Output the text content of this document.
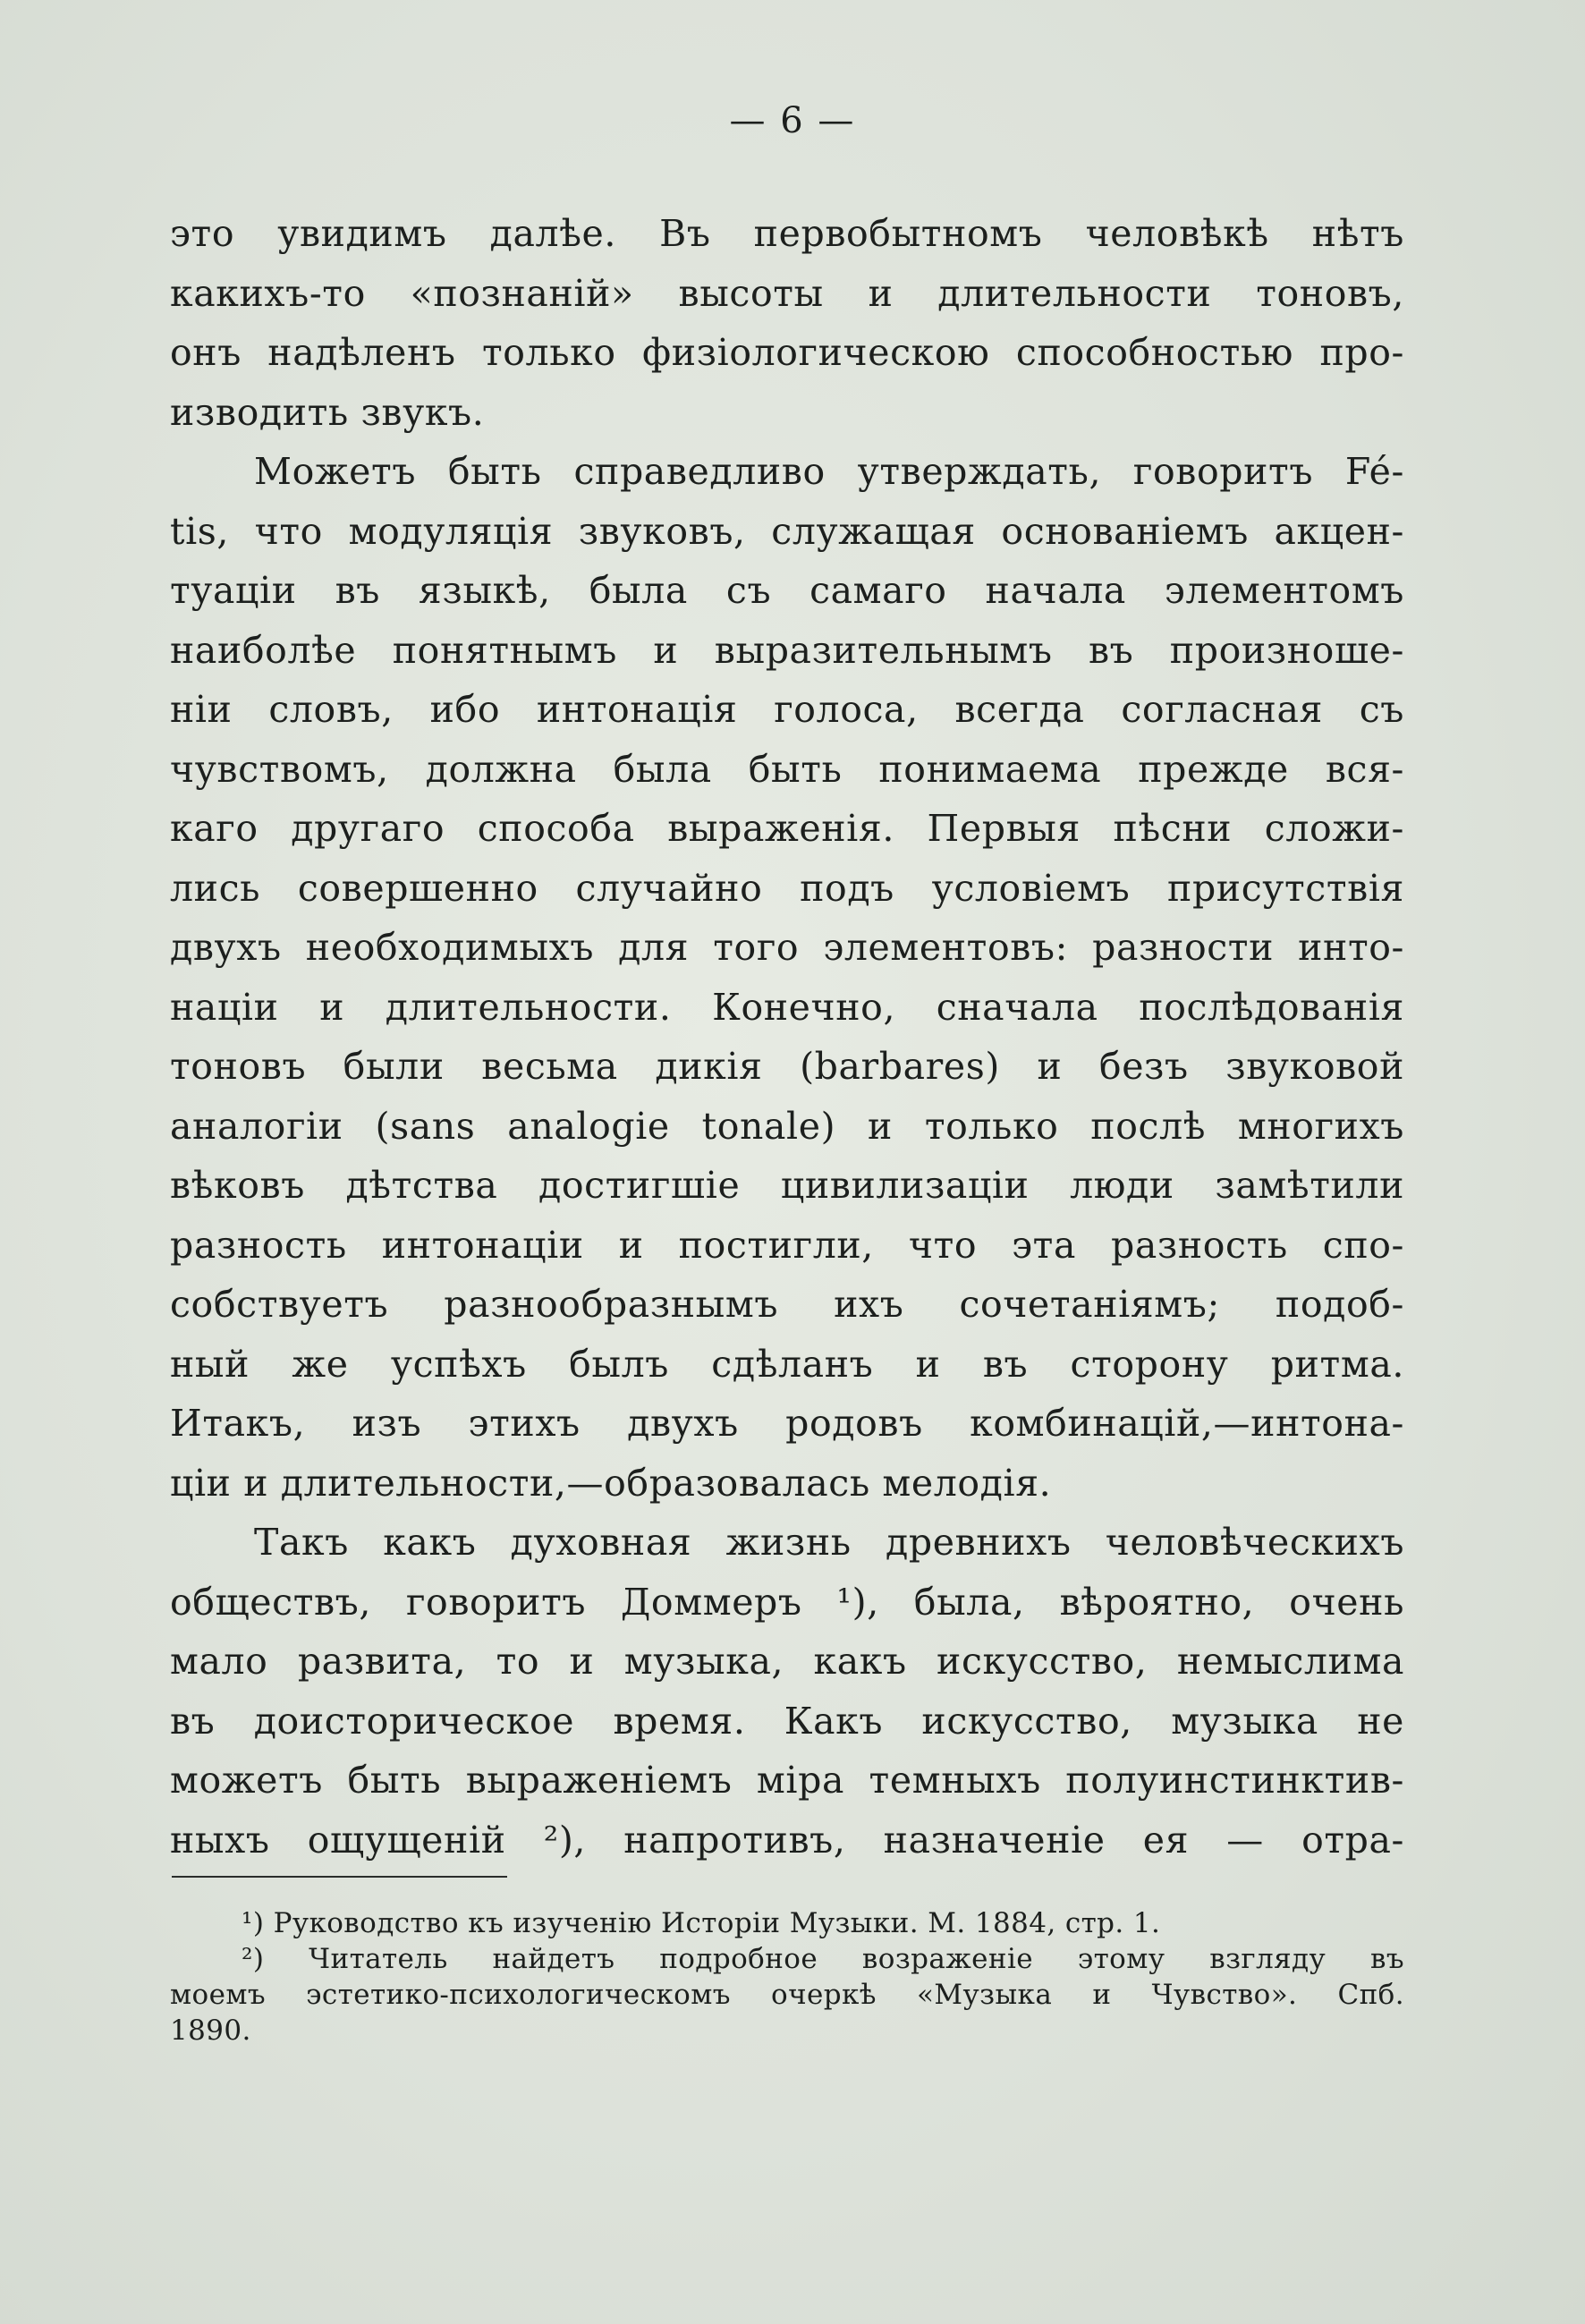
— 6 —
это увидимъ далѣе. Въ первобытномъ человѣкѣ нѣтъ
какихъ-то «познаній» высоты и длительности тоновъ,
онъ надѣленъ только физіологическою способностью про-
изводить звукъ.
Можетъ быть справедливо утверждать, говоритъ Fé-
tis, что модуляція звуковъ, служащая основаніемъ акцен-
туаціи въ языкѣ, была съ самаго начала элементомъ
наиболѣе понятнымъ и выразительнымъ въ произноше-
ніи словъ, ибо интонація голоса, всегда согласная съ
чувствомъ, должна была быть понимаема прежде вся-
каго другаго способа выраженія. Первыя пѣсни сложи-
лись совершенно случайно подъ условіемъ присутствія
двухъ необходимыхъ для того элементовъ: разности инто-
націи и длительности. Конечно, сначала послѣдованія
тоновъ были весьма дикія (barbares) и безъ звуковой
аналогіи (sans analogie tonale) и только послѣ многихъ
вѣковъ дѣтства достигшіе цивилизаціи люди замѣтили
разность интонаціи и постигли, что эта разность спо-
собствуетъ разнообразнымъ ихъ сочетаніямъ; подоб-
ный же успѣхъ былъ сдѣланъ и въ сторону ритма.
Итакъ, изъ этихъ двухъ родовъ комбинацій,—интона-
ціи и длительности,—образовалась мелодія.
Такъ какъ духовная жизнь древнихъ человѣческихъ
обществъ, говоритъ Доммеръ ¹), была, вѣроятно, очень
мало развита, то и музыка, какъ искусство, немыслима
въ доисторическое время. Какъ искусство, музыка не
можетъ быть выраженіемъ міра темныхъ полуинстинктив-
ныхъ ощущеній ²), напротивъ, назначеніе ея — отра-
¹) Руководство къ изученію Исторіи Музыки. М. 1884, стр. 1.
²) Читатель найдетъ подробное возраженіе этому взгляду въ
моемъ эстетико-психологическомъ очеркѣ «Музыка и Чувство». Спб.
1890.
